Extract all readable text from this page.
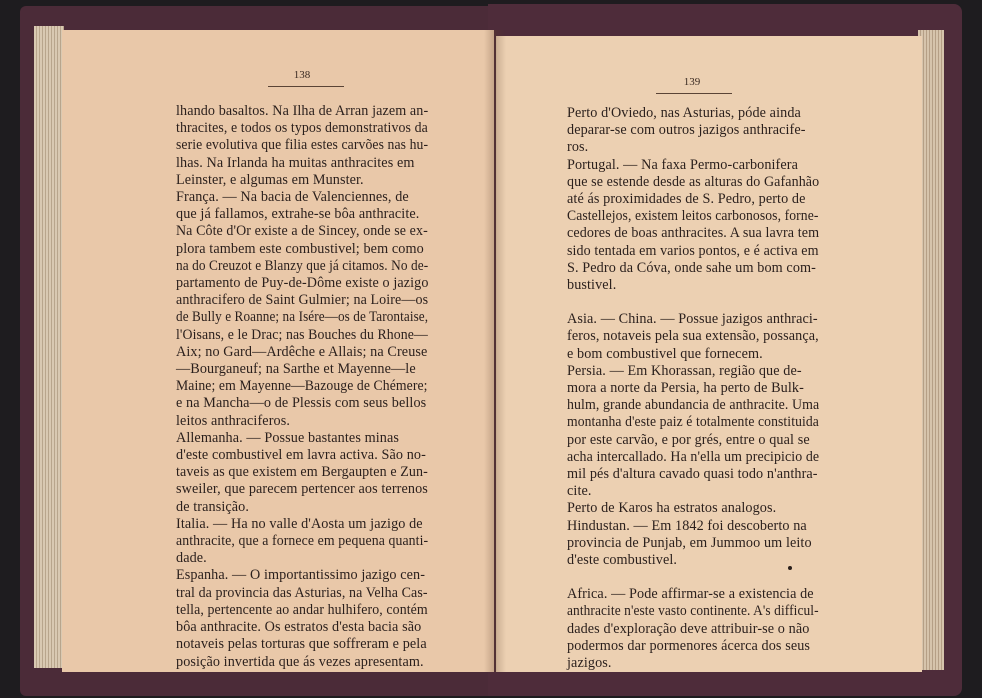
138
139
lhando basaltos. Na Ilha de Arran jazem an-
thracites, e todos os typos demonstrativos da
serie evolutiva que filia estes carvões nas hu-
lhas. Na Irlanda ha muitas anthracites em
Leinster, e algumas em Munster.
França. — Na bacia de Valenciennes, de
que já fallamos, extrahe-se bôa anthracite.
Na Côte d'Or existe a de Sincey, onde se ex-
plora tambem este combustivel; bem como
na do Creuzot e Blanzy que já citamos. No de-
partamento de Puy-de-Dôme existe o jazigo
anthracifero de Saint Gulmier; na Loire—os
de Bully e Roanne; na Isére—os de Tarontaise,
l'Oisans, e le Drac; nas Bouches du Rhone—
Aix; no Gard—Ardêche e Allais; na Creuse
—Bourganeuf; na Sarthe et Mayenne—le
Maine; em Mayenne—Bazouge de Chémere;
e na Mancha—o de Plessis com seus bellos
leitos anthraciferos.
Allemanha. — Possue bastantes minas
d'este combustivel em lavra activa. São no-
taveis as que existem em Bergaupten e Zun-
sweiler, que parecem pertencer aos terrenos
de transição.
Italia. — Ha no valle d'Aosta um jazigo de
anthracite, que a fornece em pequena quanti-
dade.
Espanha. — O importantissimo jazigo cen-
tral da provincia das Asturias, na Velha Cas-
tella, pertencente ao andar hulhifero, contém
bôa anthracite. Os estratos d'esta bacia são
notaveis pelas torturas que soffreram e pela
posição invertida que ás vezes apresentam.
Perto d'Oviedo, nas Asturias, póde ainda
deparar-se com outros jazigos anthracife-
ros.
Portugal. — Na faxa Permo-carbonifera
que se estende desde as alturas do Gafanhão
até ás proximidades de S. Pedro, perto de
Castellejos, existem leitos carbonosos, forne-
cedores de boas anthracites. A sua lavra tem
sido tentada em varios pontos, e é activa em
S. Pedro da Cóva, onde sahe um bom com-
bustivel.
Asia. — China. — Possue jazigos anthraci-
feros, notaveis pela sua extensão, possança,
e bom combustivel que fornecem.
Persia. — Em Khorassan, região que de-
mora a norte da Persia, ha perto de Bulk-
hulm, grande abundancia de anthracite. Uma
montanha d'este paiz é totalmente constituida
por este carvão, e por grés, entre o qual se
acha intercallado. Ha n'ella um precipicio de
mil pés d'altura cavado quasi todo n'anthra-
cite.
Perto de Karos ha estratos analogos.
Hindustan. — Em 1842 foi descoberto na
provincia de Punjab, em Jummoo um leito
d'este combustivel.
Africa. — Pode affirmar-se a existencia de
anthracite n'este vasto continente. A's difficul-
dades d'exploração deve attribuir-se o não
podermos dar pormenores ácerca dos seus
jazigos.
